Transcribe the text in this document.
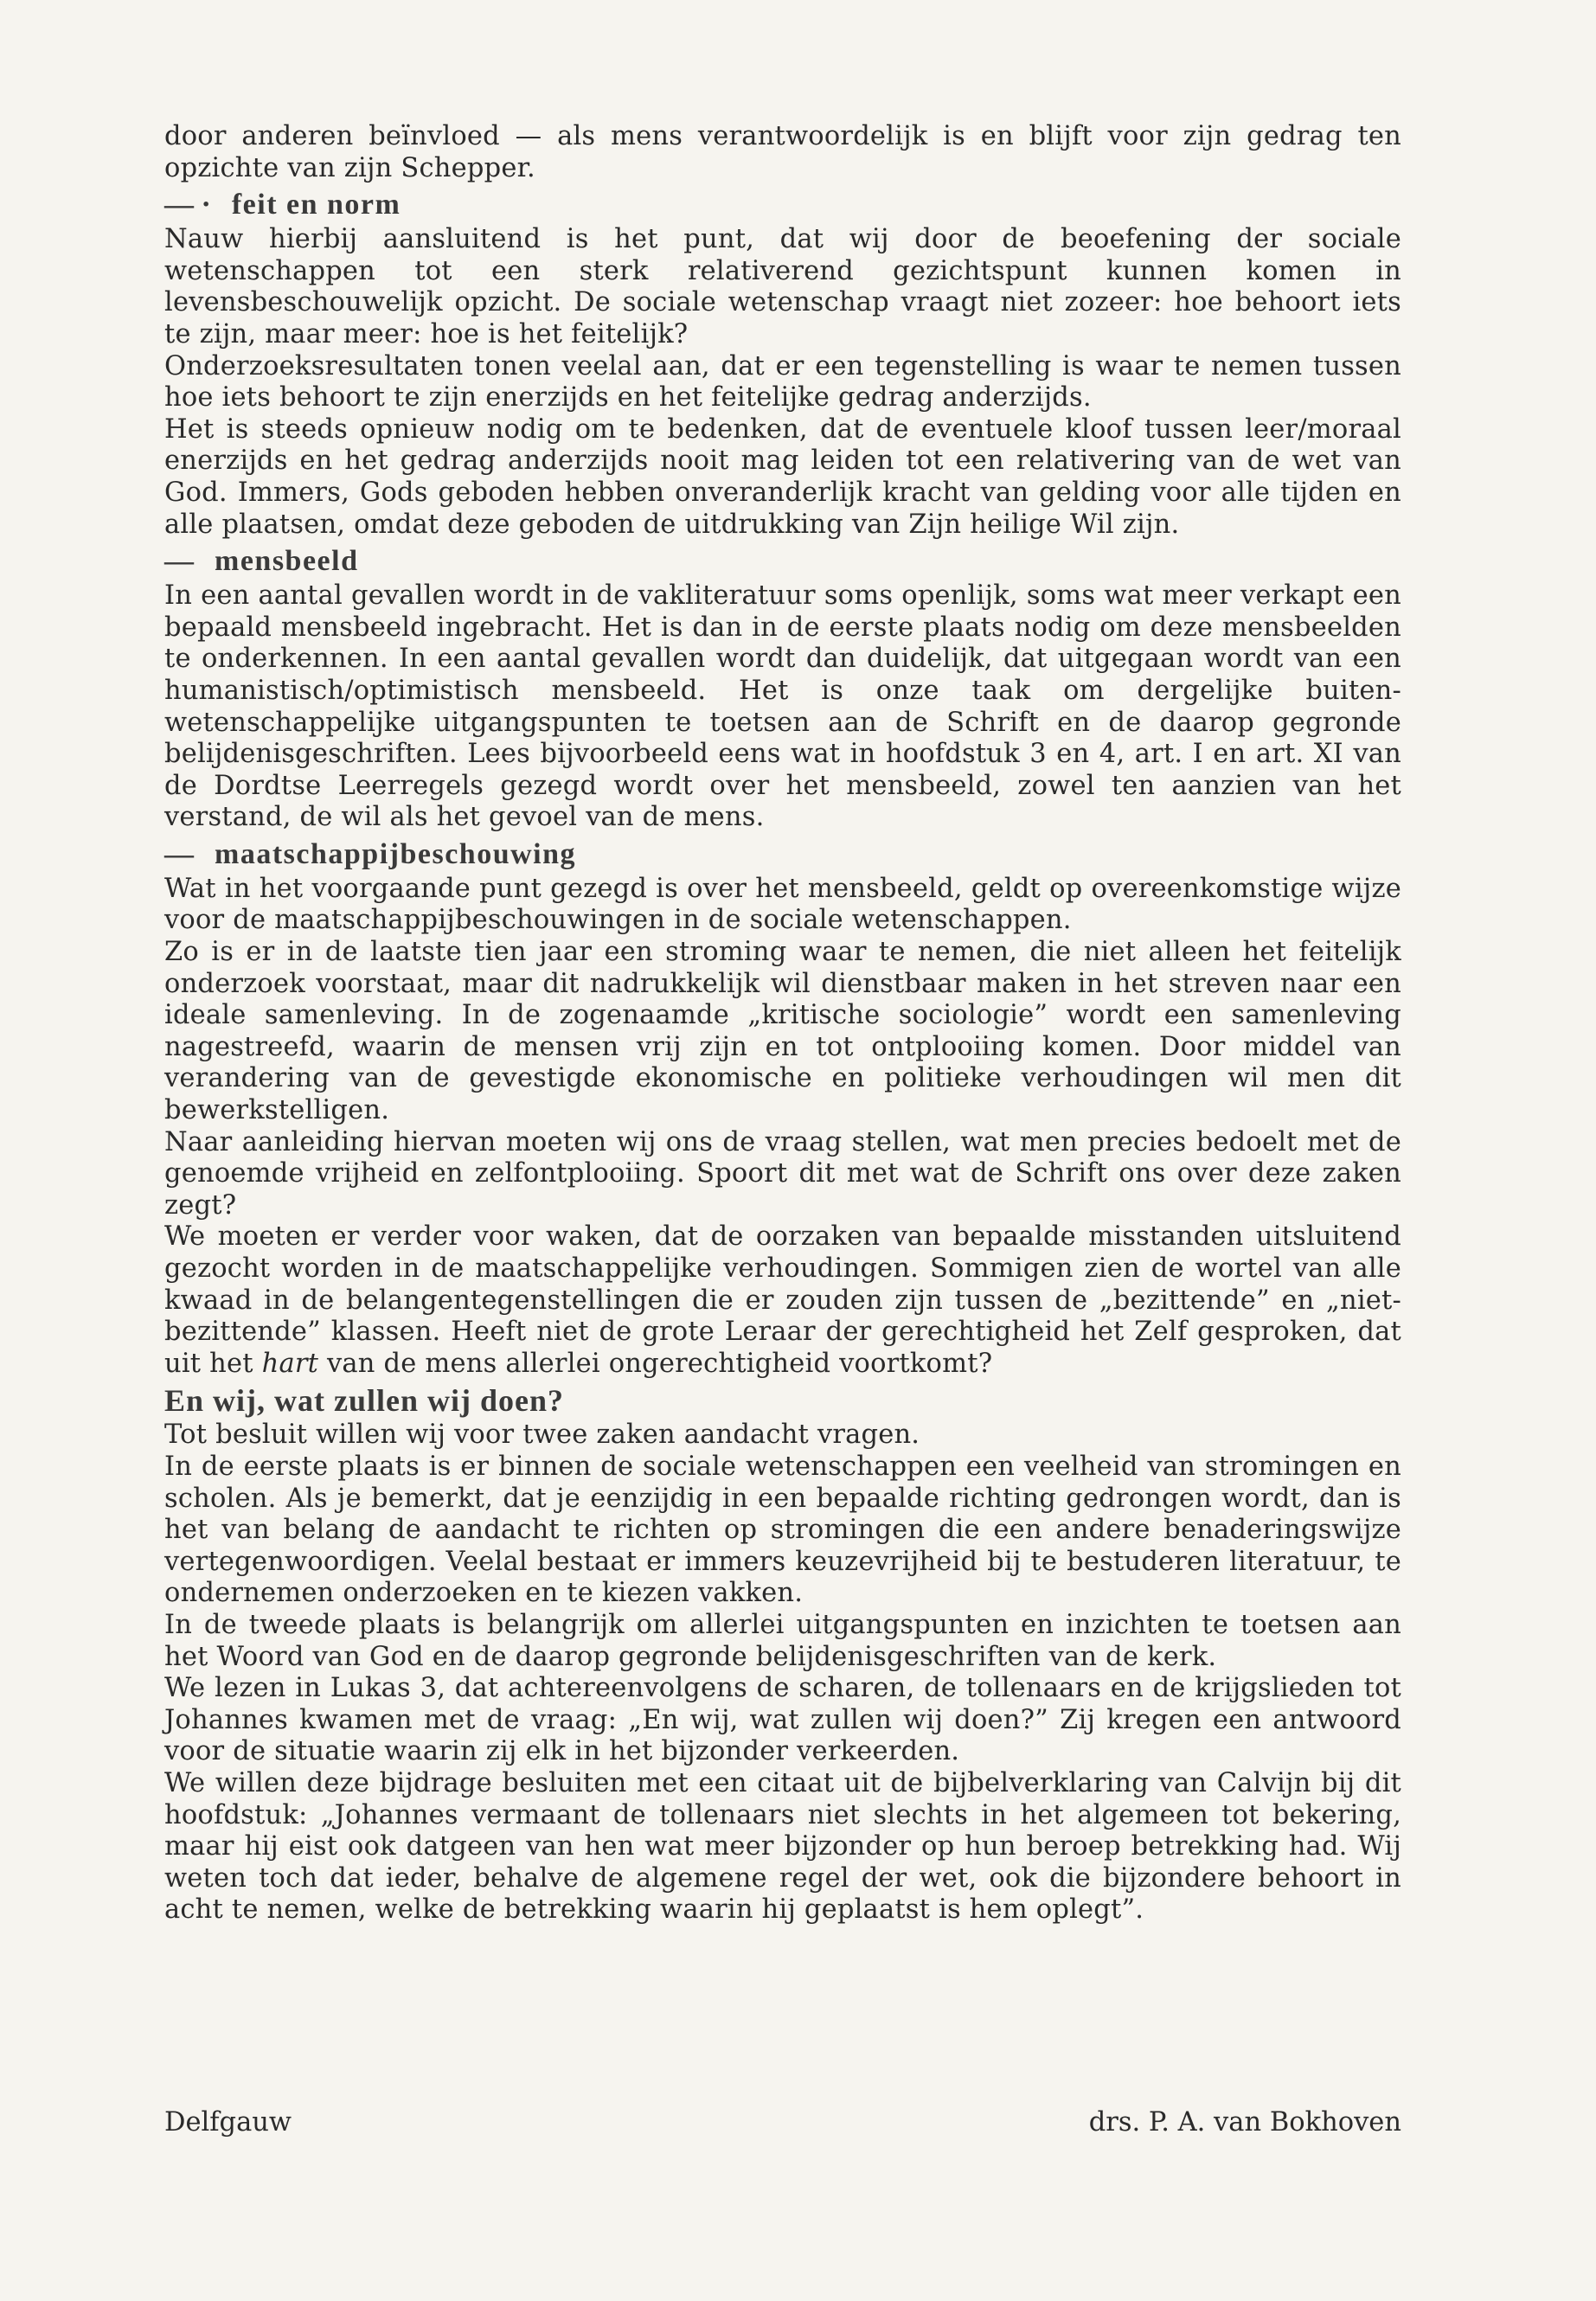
door anderen beïnvloed — als mens verantwoordelijk is en blijft voor zijn gedrag ten opzichte van zijn Schepper.

— · feit en norm

Nauw hierbij aansluitend is het punt, dat wij door de beoefening der sociale wetenschappen tot een sterk relativerend gezichtspunt kunnen komen in levensbeschouwelijk opzicht. De sociale wetenschap vraagt niet zozeer: hoe behoort iets te zijn, maar meer: hoe is het feitelijk?

Onderzoeksresultaten tonen veelal aan, dat er een tegenstelling is waar te nemen tussen hoe iets behoort te zijn enerzijds en het feitelijke gedrag anderzijds.

Het is steeds opnieuw nodig om te bedenken, dat de eventuele kloof tussen leer/moraal enerzijds en het gedrag anderzijds nooit mag leiden tot een relativering van de wet van God. Immers, Gods geboden hebben onveranderlijk kracht van gelding voor alle tijden en alle plaatsen, omdat deze geboden de uitdrukking van Zijn heilige Wil zijn.

— mensbeeld

In een aantal gevallen wordt in de vakliteratuur soms openlijk, soms wat meer verkapt een bepaald mensbeeld ingebracht. Het is dan in de eerste plaats nodig om deze mensbeelden te onderkennen. In een aantal gevallen wordt dan duidelijk, dat uitgegaan wordt van een humanistisch/optimistisch mensbeeld. Het is onze taak om dergelijke buiten-wetenschappelijke uitgangspunten te toetsen aan de Schrift en de daarop gegronde belijdenisgeschriften. Lees bijvoorbeeld eens wat in hoofdstuk 3 en 4, art. I en art. XI van de Dordtse Leerregels gezegd wordt over het mensbeeld, zowel ten aanzien van het verstand, de wil als het gevoel van de mens.

— maatschappijbeschouwing

Wat in het voorgaande punt gezegd is over het mensbeeld, geldt op overeenkomstige wijze voor de maatschappijbeschouwingen in de sociale wetenschappen.

Zo is er in de laatste tien jaar een stroming waar te nemen, die niet alleen het feitelijk onderzoek voorstaat, maar dit nadrukkelijk wil dienstbaar maken in het streven naar een ideale samenleving. In de zogenaamde „kritische sociologie” wordt een samenleving nagestreefd, waarin de mensen vrij zijn en tot ontplooiing komen. Door middel van verandering van de gevestigde ekonomische en politieke verhoudingen wil men dit bewerkstelligen.

Naar aanleiding hiervan moeten wij ons de vraag stellen, wat men precies bedoelt met de genoemde vrijheid en zelfontplooiing. Spoort dit met wat de Schrift ons over deze zaken zegt?

We moeten er verder voor waken, dat de oorzaken van bepaalde misstanden uitsluitend gezocht worden in de maatschappelijke verhoudingen. Sommigen zien de wortel van alle kwaad in de belangentegenstellingen die er zouden zijn tussen de „bezittende” en „niet-bezittende” klassen. Heeft niet de grote Leraar der gerechtigheid het Zelf gesproken, dat uit het hart van de mens allerlei ongerechtigheid voortkomt?

En wij, wat zullen wij doen?

Tot besluit willen wij voor twee zaken aandacht vragen.

In de eerste plaats is er binnen de sociale wetenschappen een veelheid van stromingen en scholen. Als je bemerkt, dat je eenzijdig in een bepaalde richting gedrongen wordt, dan is het van belang de aandacht te richten op stromingen die een andere benaderingswijze vertegenwoordigen. Veelal bestaat er immers keuzevrijheid bij te bestuderen literatuur, te ondernemen onderzoeken en te kiezen vakken.

In de tweede plaats is belangrijk om allerlei uitgangspunten en inzichten te toetsen aan het Woord van God en de daarop gegronde belijdenisgeschriften van de kerk.

We lezen in Lukas 3, dat achtereenvolgens de scharen, de tollenaars en de krijgslieden tot Johannes kwamen met de vraag: „En wij, wat zullen wij doen?” Zij kregen een antwoord voor de situatie waarin zij elk in het bijzonder verkeerden.

We willen deze bijdrage besluiten met een citaat uit de bijbelverklaring van Calvijn bij dit hoofdstuk: „Johannes vermaant de tollenaars niet slechts in het algemeen tot bekering, maar hij eist ook datgeen van hen wat meer bijzonder op hun beroep betrekking had. Wij weten toch dat ieder, behalve de algemene regel der wet, ook die bijzondere behoort in acht te nemen, welke de betrekking waarin hij geplaatst is hem oplegt”.

Delfgauw	drs. P. A. van Bokhoven
